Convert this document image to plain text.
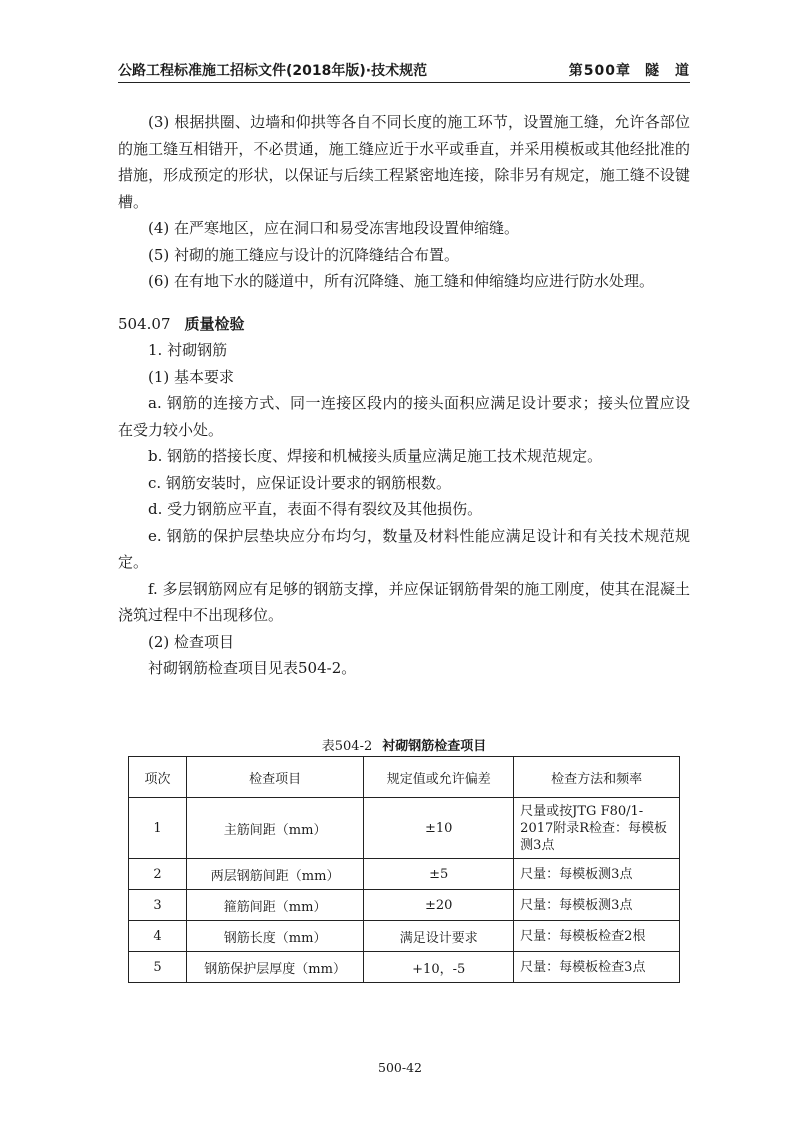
公路工程标准施工招标文件(2018年版)·技术规范	第500章 隧　道

(3) 根据拱圈、边墙和仰拱等各自不同长度的施工环节，设置施工缝，允许各部位的施工缝互相错开，不必贯通，施工缝应近于水平或垂直，并采用模板或其他经批准的措施，形成预定的形状，以保证与后续工程紧密地连接，除非另有规定，施工缝不设键槽。

(4) 在严寒地区，应在洞口和易受冻害地段设置伸缩缝。

(5) 衬砌的施工缝应与设计的沉降缝结合布置。

(6) 在有地下水的隧道中，所有沉降缝、施工缝和伸缩缝均应进行防水处理。

504.07 质量检验

1. 衬砌钢筋

(1) 基本要求

a. 钢筋的连接方式、同一连接区段内的接头面积应满足设计要求；接头位置应设在受力较小处。

b. 钢筋的搭接长度、焊接和机械接头质量应满足施工技术规范规定。

c. 钢筋安装时，应保证设计要求的钢筋根数。

d. 受力钢筋应平直，表面不得有裂纹及其他损伤。

e. 钢筋的保护层垫块应分布均匀，数量及材料性能应满足设计和有关技术规范规定。

f. 多层钢筋网应有足够的钢筋支撑，并应保证钢筋骨架的施工刚度，使其在混凝土浇筑过程中不出现移位。

(2) 检查项目

衬砌钢筋检查项目见表504-2。

表504-2 衬砌钢筋检查项目
项次	检查项目	规定值或允许偏差	检查方法和频率
1	主筋间距（mm）	±10	尺量或按JTG F80/1-2017附录R检查：每模板测3点
2	两层钢筋间距（mm）	±5	尺量：每模板测3点
3	箍筋间距（mm）	±20	尺量：每模板测3点
4	钢筋长度（mm）	满足设计要求	尺量：每模板检查2根
5	钢筋保护层厚度（mm）	+10，-5	尺量：每模板检查3点
500-42
